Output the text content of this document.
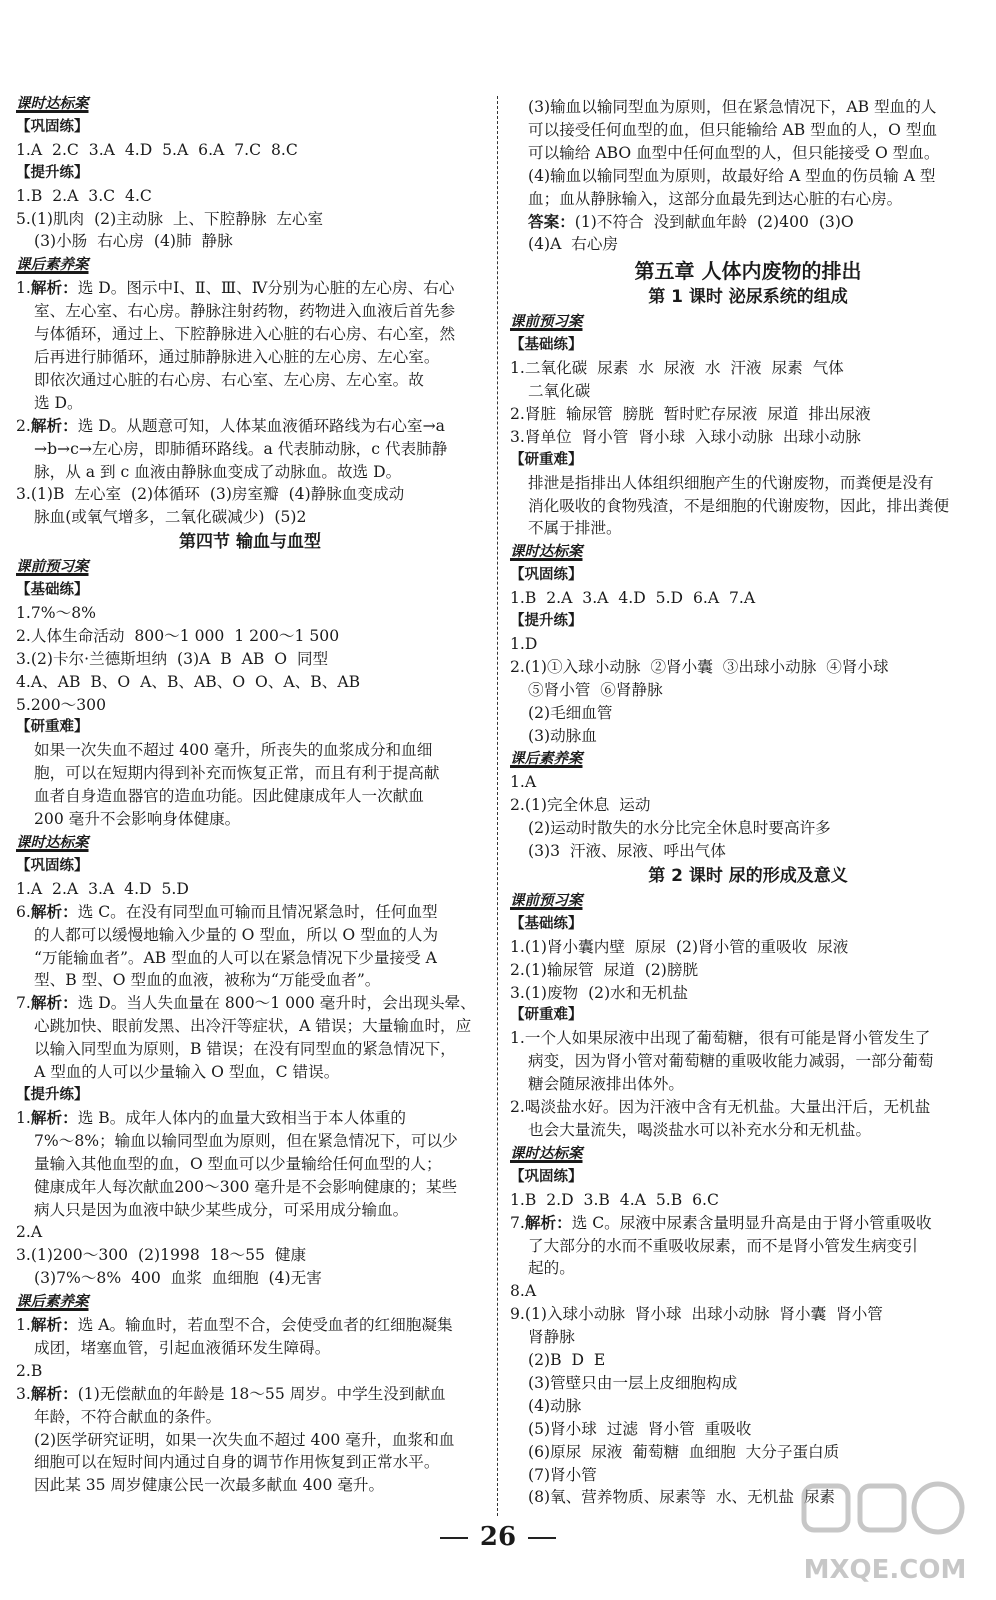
课时达标案
【巩固练】
1.A  2.C  3.A  4.D  5.A  6.A  7.C  8.C
【提升练】
1.B  2.A  3.C  4.C
5.(1)肌肉  (2)主动脉  上、下腔静脉  左心室
(3)小肠  右心房  (4)肺  静脉
课后素养案
1.解析：选 D。图示中Ⅰ、Ⅱ、Ⅲ、Ⅳ分别为心脏的左心房、右心
室、左心室、右心房。静脉注射药物，药物进入血液后首先参
与体循环，通过上、下腔静脉进入心脏的右心房、右心室，然
后再进行肺循环，通过肺静脉进入心脏的左心房、左心室。
即依次通过心脏的右心房、右心室、左心房、左心室。故
选 D。
2.解析：选 D。从题意可知，人体某血液循环路线为右心室→a
→b→c→左心房，即肺循环路线。a 代表肺动脉，c 代表肺静
脉，从 a 到 c 血液由静脉血变成了动脉血。故选 D。
3.(1)B  左心室  (2)体循环  (3)房室瓣  (4)静脉血变成动
脉血(或氧气增多，二氧化碳减少)  (5)2
第四节 输血与血型
课前预习案
【基础练】
1.7%～8%
2.人体生命活动  800～1 000  1 200～1 500
3.(2)卡尔·兰德斯坦纳  (3)A  B  AB  O  同型
4.A、AB  B、O  A、B、AB、O  O、A、B、AB
5.200～300
【研重难】
如果一次失血不超过 400 毫升，所丧失的血浆成分和血细
胞，可以在短期内得到补充而恢复正常，而且有利于提高献
血者自身造血器官的造血功能。因此健康成年人一次献血
200 毫升不会影响身体健康。
课时达标案
【巩固练】
1.A  2.A  3.A  4.D  5.D
6.解析：选 C。在没有同型血可输而且情况紧急时，任何血型
的人都可以缓慢地输入少量的 O 型血，所以 O 型血的人为
“万能输血者”。AB 型血的人可以在紧急情况下少量接受 A
型、B 型、O 型血的血液，被称为“万能受血者”。
7.解析：选 D。当人失血量在 800～1 000 毫升时，会出现头晕、
心跳加快、眼前发黑、出冷汗等症状，A 错误；大量输血时，应
以输入同型血为原则，B 错误；在没有同型血的紧急情况下，
A 型血的人可以少量输入 O 型血，C 错误。
【提升练】
1.解析：选 B。成年人体内的血量大致相当于本人体重的
7%～8%；输血以输同型血为原则，但在紧急情况下，可以少
量输入其他血型的血，O 型血可以少量输给任何血型的人；
健康成年人每次献血200～300 毫升是不会影响健康的；某些
病人只是因为血液中缺少某些成分，可采用成分输血。
2.A
3.(1)200～300  (2)1998  18～55  健康
(3)7%～8%  400  血浆  血细胞  (4)无害
课后素养案
1.解析：选 A。输血时，若血型不合，会使受血者的红细胞凝集
成团，堵塞血管，引起血液循环发生障碍。
2.B
3.解析：(1)无偿献血的年龄是 18～55 周岁。中学生没到献血
年龄，不符合献血的条件。
(2)医学研究证明，如果一次失血不超过 400 毫升，血浆和血
细胞可以在短时间内通过自身的调节作用恢复到正常水平。
因此某 35 周岁健康公民一次最多献血 400 毫升。
(3)输血以输同型血为原则，但在紧急情况下，AB 型血的人
可以接受任何血型的血，但只能输给 AB 型血的人，O 型血
可以输给 ABO 血型中任何血型的人，但只能接受 O 型血。
(4)输血以输同型血为原则，故最好给 A 型血的伤员输 A 型
血；血从静脉输入，这部分血最先到达心脏的右心房。
答案：(1)不符合  没到献血年龄  (2)400  (3)O
(4)A  右心房
第五章 人体内废物的排出
第 1 课时 泌尿系统的组成
课前预习案
【基础练】
1.二氧化碳  尿素  水  尿液  水  汗液  尿素  气体
二氧化碳
2.肾脏  输尿管  膀胱  暂时贮存尿液  尿道  排出尿液
3.肾单位  肾小管  肾小球  入球小动脉  出球小动脉
【研重难】
排泄是指排出人体组织细胞产生的代谢废物，而粪便是没有
消化吸收的食物残渣，不是细胞的代谢废物，因此，排出粪便
不属于排泄。
课时达标案
【巩固练】
1.B  2.A  3.A  4.D  5.D  6.A  7.A
【提升练】
1.D
2.(1)①入球小动脉  ②肾小囊  ③出球小动脉  ④肾小球
⑤肾小管  ⑥肾静脉
(2)毛细血管
(3)动脉血
课后素养案
1.A
2.(1)完全休息  运动
(2)运动时散失的水分比完全休息时要高许多
(3)3  汗液、尿液、呼出气体
第 2 课时 尿的形成及意义
课前预习案
【基础练】
1.(1)肾小囊内壁  原尿  (2)肾小管的重吸收  尿液
2.(1)输尿管  尿道  (2)膀胱
3.(1)废物  (2)水和无机盐
【研重难】
1.一个人如果尿液中出现了葡萄糖，很有可能是肾小管发生了
病变，因为肾小管对葡萄糖的重吸收能力减弱，一部分葡萄
糖会随尿液排出体外。
2.喝淡盐水好。因为汗液中含有无机盐。大量出汗后，无机盐
也会大量流失，喝淡盐水可以补充水分和无机盐。
课时达标案
【巩固练】
1.B  2.D  3.B  4.A  5.B  6.C
7.解析：选 C。尿液中尿素含量明显升高是由于肾小管重吸收
了大部分的水而不重吸收尿素，而不是肾小管发生病变引
起的。
8.A
9.(1)入球小动脉  肾小球  出球小动脉  肾小囊  肾小管
肾静脉
(2)B  D  E
(3)管壁只由一层上皮细胞构成
(4)动脉
(5)肾小球  过滤  肾小管  重吸收
(6)原尿  尿液  葡萄糖  血细胞  大分子蛋白质
(7)肾小管
(8)氧、营养物质、尿素等  水、无机盐  尿素
26
MXQE.COM
